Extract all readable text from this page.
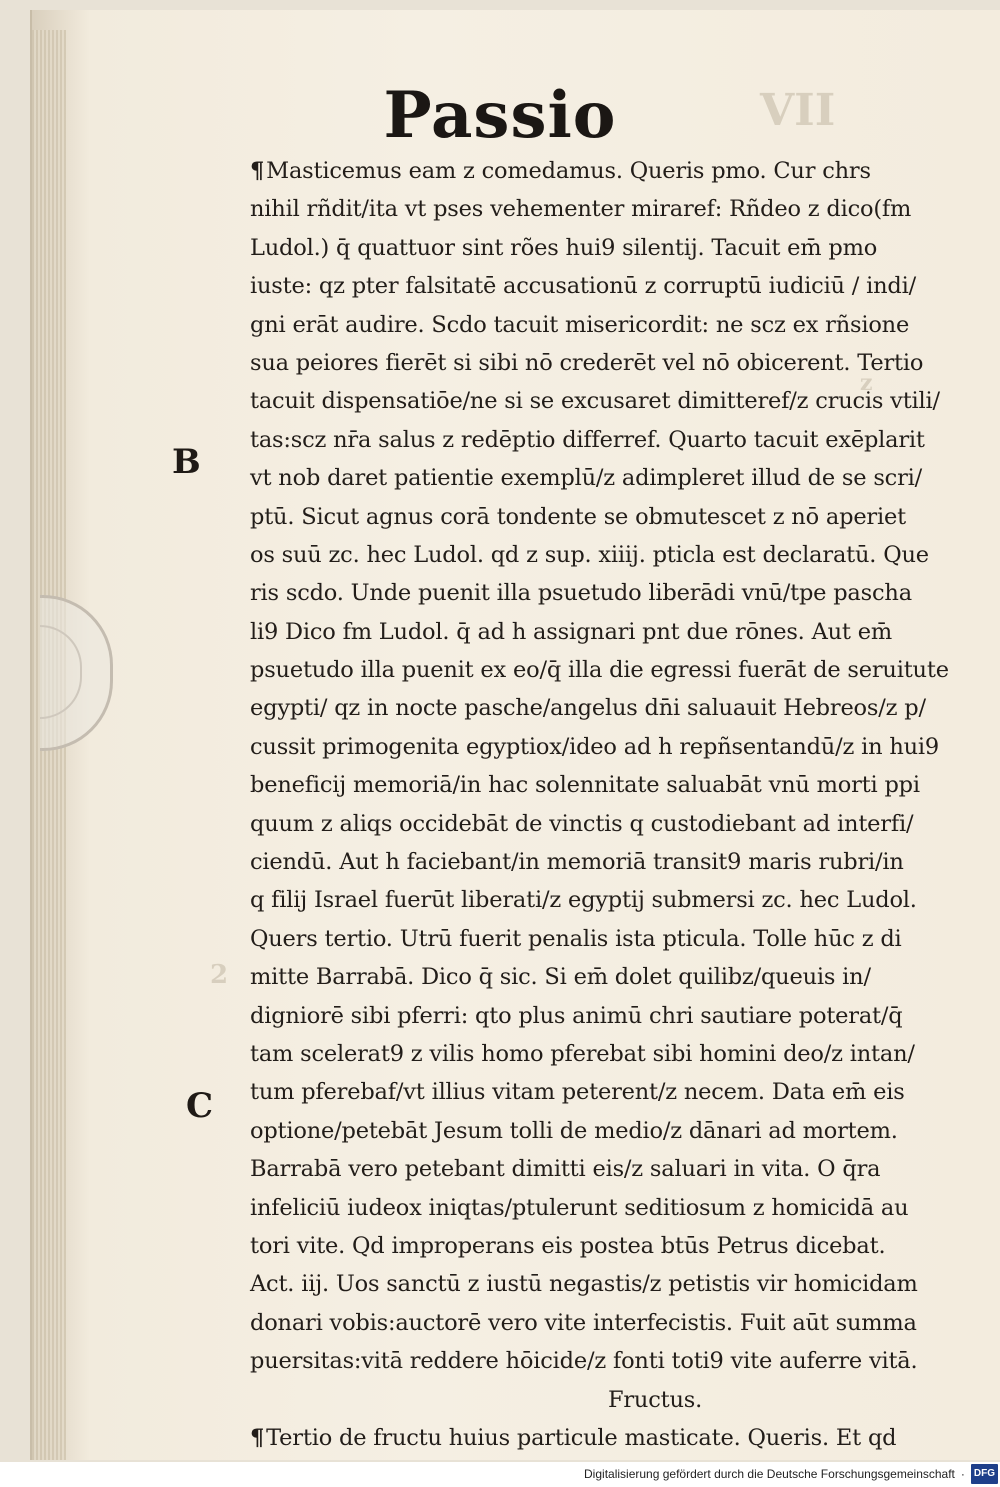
VII
z
2
Passio
B
C
¶Masticemus eam z comedamus. Queris pmo. Cur chrs
nihil rñdit/ita vt pses vehementer miraref: Rñdeo z dico(fm
Ludol.) q̄ quattuor sint rões hui9 silentij. Tacuit em̄ pmo
iuste: qz pter falsitatē accusationū z corruptū iudiciū / indi/
gni erāt audire. Scdo tacuit misericordit: ne scz ex rñsione
sua peiores fierēt si sibi nō crederēt vel nō obicerent. Tertio
tacuit dispensatiōe/ne si se excusaret dimitteref/z crucis vtili/
tas:scz nr̄a salus z redēptio differref. Quarto tacuit exēplarit
vt nob daret patientie exemplū/z adimpleret illud de se scri/
ptū. Sicut agnus corā tondente se obmutescet z nō aperiet
os suū zc. hec Ludol. qd z sup. xiiij. pticla est declaratū. Que
ris scdo. Unde puenit illa psuetudo liberādi vnū/tpe pascha
li9 Dico fm Ludol. q̄ ad h assignari pnt due rōnes. Aut em̄
psuetudo illa puenit ex eo/q̄ illa die egressi fuerāt de seruitute
egypti/ qz in nocte pasche/angelus dn̄i saluauit Hebreos/z p/
cussit primogenita egyptiox/ideo ad h repñsentandū/z in hui9
beneficij memoriā/in hac solennitate saluabāt vnū morti ppi
quum z aliqs occidebāt de vinctis q custodiebant ad interfi/
ciendū. Aut h faciebant/in memoriā transit9 maris rubri/in
q filij Israel fuerūt liberati/z egyptij submersi zc. hec Ludol.
Quers tertio. Utrū fuerit penalis ista pticula. Tolle hūc z di
mitte Barrabā. Dico q̄ sic. Si em̄ dolet quilibz/queuis in/
digniorē sibi pferri: qto plus animū chri sautiare poterat/q̄
tam scelerat9 z vilis homo pferebat sibi homini deo/z intan/
tum pferebaf/vt illius vitam peterent/z necem. Data em̄ eis
optione/petebāt Jesum tolli de medio/z dānari ad mortem.
Barrabā vero petebant dimitti eis/z saluari in vita. O q̄ra
infeliciū iudeox iniqtas/ptulerunt seditiosum z homicidā au
tori vite. Qd improperans eis postea btūs Petrus dicebat.
Act. iij. Uos sanctū z iustū negastis/z petistis vir homicidam
donari vobis:auctorē vero vite interfecistis. Fuit aūt summa
puersitas:vitā reddere hōicide/z fonti toti9 vite auferre vitā.
Fructus.
¶Tertio de fructu huius particule masticate. Queris. Et qd
Digitalisierung gefördert durch die Deutsche Forschungsgemeinschaft · DFG
